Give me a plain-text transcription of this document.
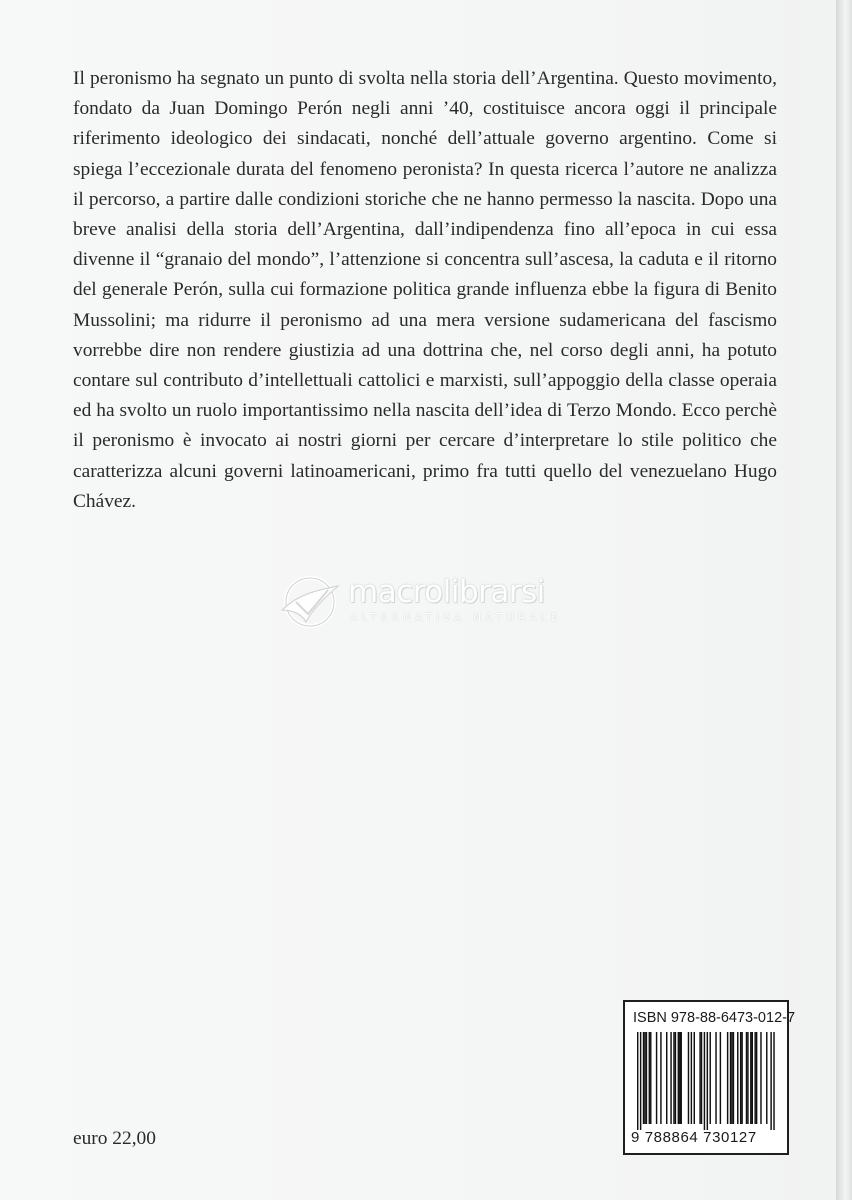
Il peronismo ha segnato un punto di svolta nella storia dell’Argentina. Questo movimento, fondato da Juan Domingo Perón negli anni ’40, costituisce ancora oggi il principale riferimento ideologico dei sindacati, nonché dell’attuale governo argentino. Come si spiega l’eccezionale durata del fenomeno peronista? In questa ricerca l’autore ne analizza il percorso, a partire dalle condizioni storiche che ne hanno permesso la nascita. Dopo una breve analisi della storia dell’Argentina, dall’indipendenza fino all’epoca in cui essa divenne il “granaio del mondo”, l’attenzione si concentra sull’ascesa, la caduta e il ritorno del generale Perón, sulla cui formazione politica grande influenza ebbe la figura di Benito Mussolini; ma ridurre il peronismo ad una mera versione sudamericana del fascismo vorrebbe dire non rendere giustizia ad una dottrina che, nel corso degli anni, ha potuto contare sul contributo d’intellettuali cattolici e marxisti, sull’appoggio della classe operaia ed ha svolto un ruolo importantissimo nella nascita dell’idea di Terzo Mondo. Ecco perchè il peronismo è invocato ai nostri giorni per cercare d’interpretare lo stile politico che caratterizza alcuni governi latinoamericani, primo fra tutti quello del venezuelano Hugo Chávez.

macrolibrarsi
ALTERNATIVA NATURALE
ISBN 978-88-6473-012-7
9 788864 730127
euro 22,00
